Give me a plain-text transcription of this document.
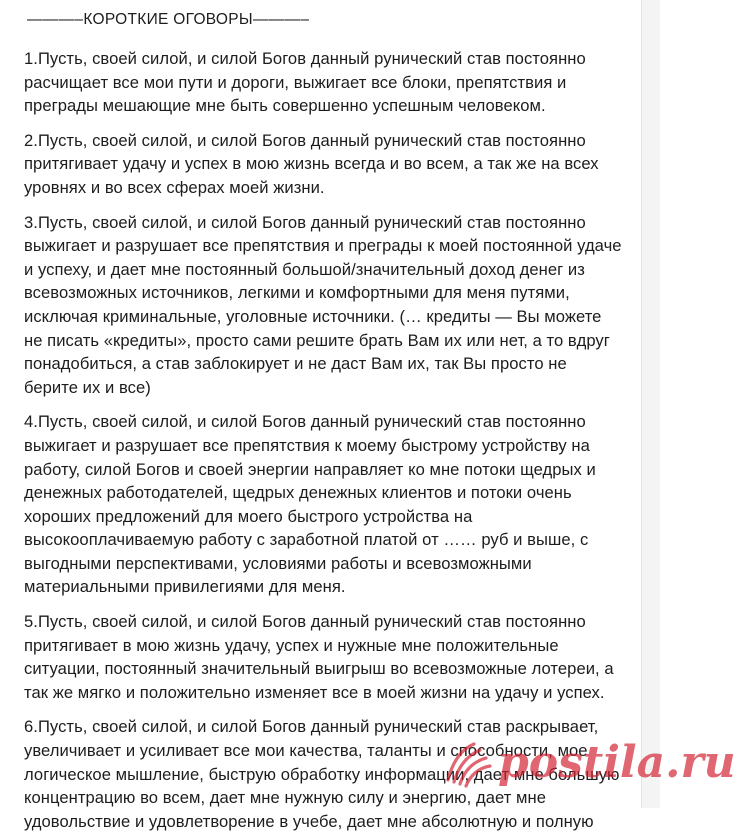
———–КОРОТКИЕ ОГОВОРЫ———–

1.Пусть, своей силой, и силой Богов данный рунический став постоянно расчищает все мои пути и дороги, выжигает все блоки, препятствия и преграды мешающие мне быть совершенно успешным человеком.

2.Пусть, своей силой, и силой Богов данный рунический став постоянно притягивает удачу и успех в мою жизнь всегда и во всем, а так же на всех уровнях и во всех сферах моей жизни.

3.Пусть, своей силой, и силой Богов данный рунический став постоянно выжигает и разрушает все препятствия и преграды к моей постоянной удаче и успеху, и дает мне постоянный большой/значительный доход денег из всевозможных источников, легкими и комфортными для меня путями, исключая криминальные, уголовные источники. (… кредиты — Вы можете не писать «кредиты», просто сами решите брать Вам их или нет, а то вдруг понадобиться, а став заблокирует и не даст Вам их, так Вы просто не берите их и все)

4.Пусть, своей силой, и силой Богов данный рунический став постоянно выжигает и разрушает все препятствия к моему быстрому устройству на работу, силой Богов и своей энергии направляет ко мне потоки щедрых и денежных работодателей, щедрых денежных клиентов и потоки очень хороших предложений для моего быстрого устройства на высокооплачиваемую работу с заработной платой от …… руб и выше, с выгодными перспективами, условиями работы и всевозможными материальными привилегиями для меня.

5.Пусть, своей силой, и силой Богов данный рунический став постоянно притягивает в мою жизнь удачу, успех и нужные мне положительные ситуации, постоянный значительный выигрыш во всевозможные лотереи, а так же мягко и положительно изменяет все в моей жизни на удачу и успех.

6.Пусть, своей силой, и силой Богов данный рунический став раскрывает, увеличивает и усиливает все мои качества, таланты и способности, мое логическое мышление, быструю обработку информации, дает мне большую концентрацию во всем, дает мне нужную силу и энергию, дает мне удовольствие и удовлетворение в учебе, дает мне абсолютную и полную

postila.ru
